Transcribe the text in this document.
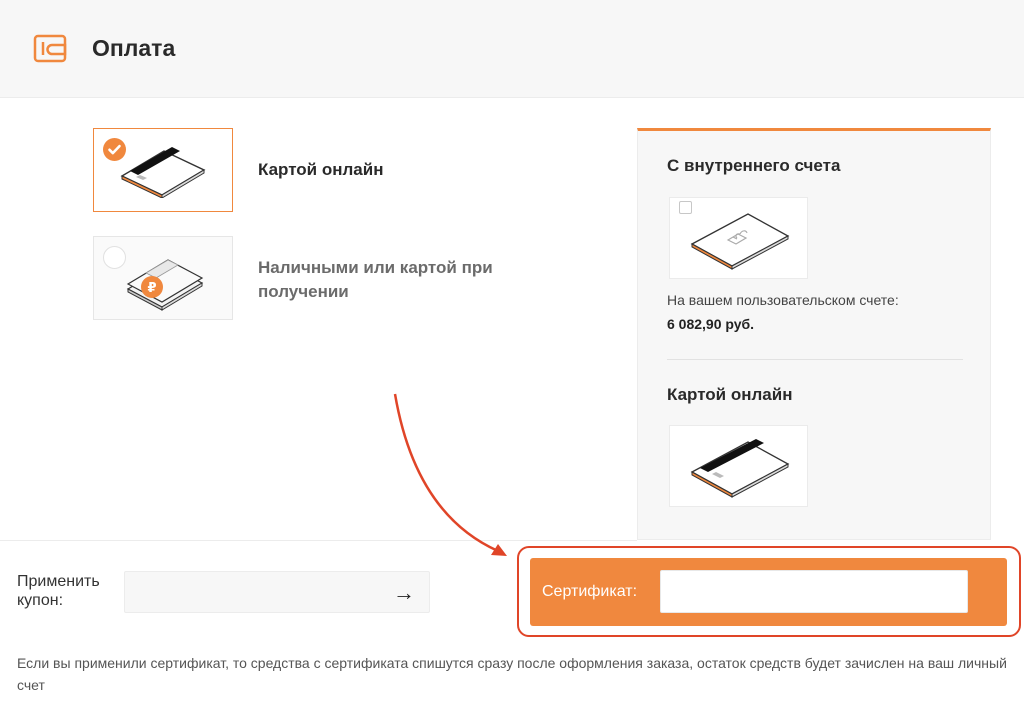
Оплата
Картой онлайн
₽
Наличными или картой при получении
С внутреннего счета
На вашем пользовательском счете:
6 082,90 руб.
Картой онлайн
Применить купон:	→	Сертификат:
Если вы применили сертификат, то средства с сертификата спишутся сразу после оформления заказа, остаток средств будет зачислен на ваш личный счет
